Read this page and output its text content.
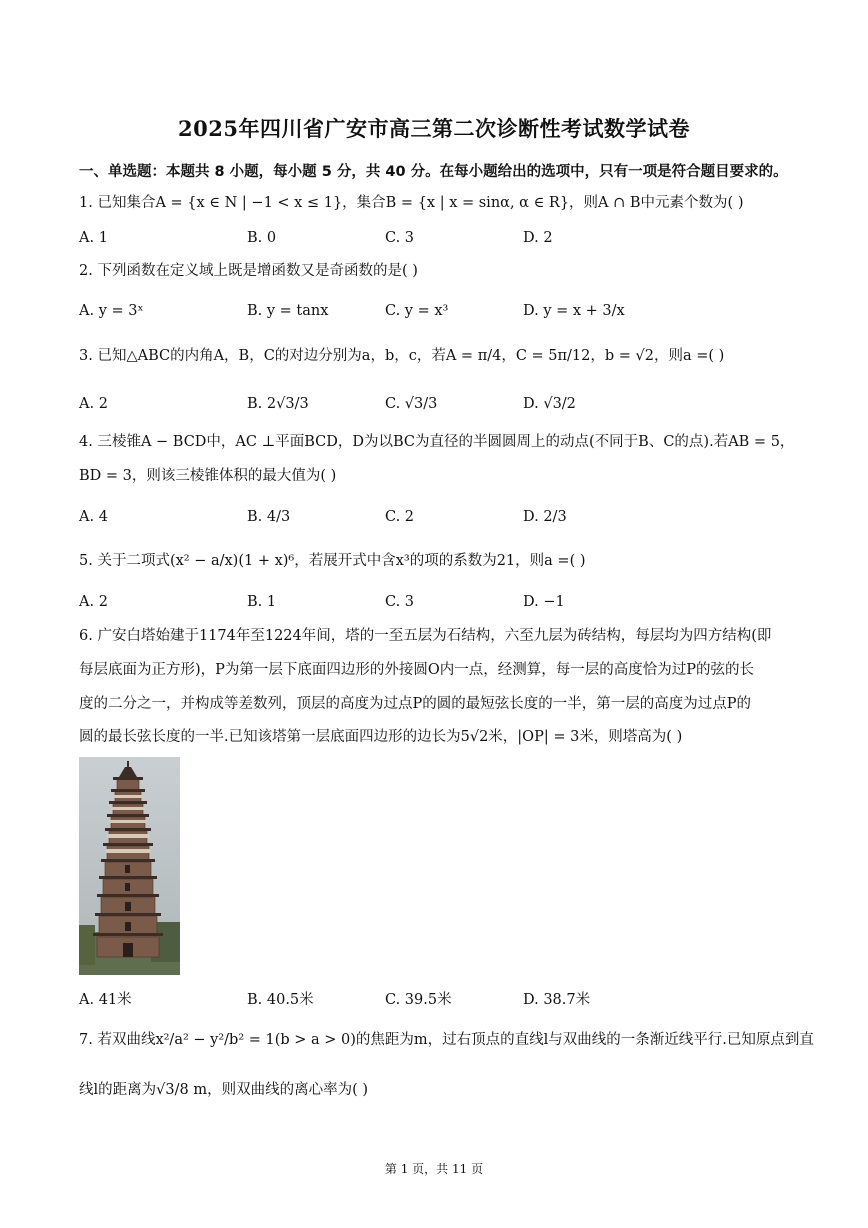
2025年四川省广安市高三第二次诊断性考试数学试卷
一、单选题：本题共 8 小题，每小题 5 分，共 40 分。在每小题给出的选项中，只有一项是符合题目要求的。
1. 已知集合A = {x ∈ N | −1 < x ≤ 1}，集合B = {x | x = sinα, α ∈ R}，则A ∩ B中元素个数为( )
A. 1	B. 0	C. 3	D. 2
2. 下列函数在定义域上既是增函数又是奇函数的是( )
A. y = 3ˣ	B. y = tanx	C. y = x³	D. y = x + 3/x
3. 已知△ABC的内角A，B，C的对边分别为a，b，c，若A = π/4，C = 5π/12，b = √2，则a =( )
A. 2	B. 2√3/3	C. √3/3	D. √3/2
4. 三棱锥A − BCD中，AC ⊥平面BCD，D为以BC为直径的半圆圆周上的动点(不同于B、C的点).若AB = 5，
BD = 3，则该三棱锥体积的最大值为( )
A. 4	B. 4/3	C. 2	D. 2/3
5. 关于二项式(x² − a/x)(1 + x)⁶，若展开式中含x³的项的系数为21，则a =( )
A. 2	B. 1	C. 3	D. −1
6. 广安白塔始建于1174年至1224年间，塔的一至五层为石结构，六至九层为砖结构，每层均为四方结构(即
每层底面为正方形)，P为第一层下底面四边形的外接圆O内一点，经测算，每一层的高度恰为过P的弦的长
度的二分之一，并构成等差数列，顶层的高度为过点P的圆的最短弦长度的一半，第一层的高度为过点P的
圆的最长弦长度的一半.已知该塔第一层底面四边形的边长为5√2米，|OP| = 3米，则塔高为( )
A. 41米	B. 40.5米	C. 39.5米	D. 38.7米
7. 若双曲线x²/a² − y²/b² = 1(b > a > 0)的焦距为m，过右顶点的直线l与双曲线的一条渐近线平行.已知原点到直
线l的距离为√3/8 m，则双曲线的离心率为( )
第 1 页，共 11 页
